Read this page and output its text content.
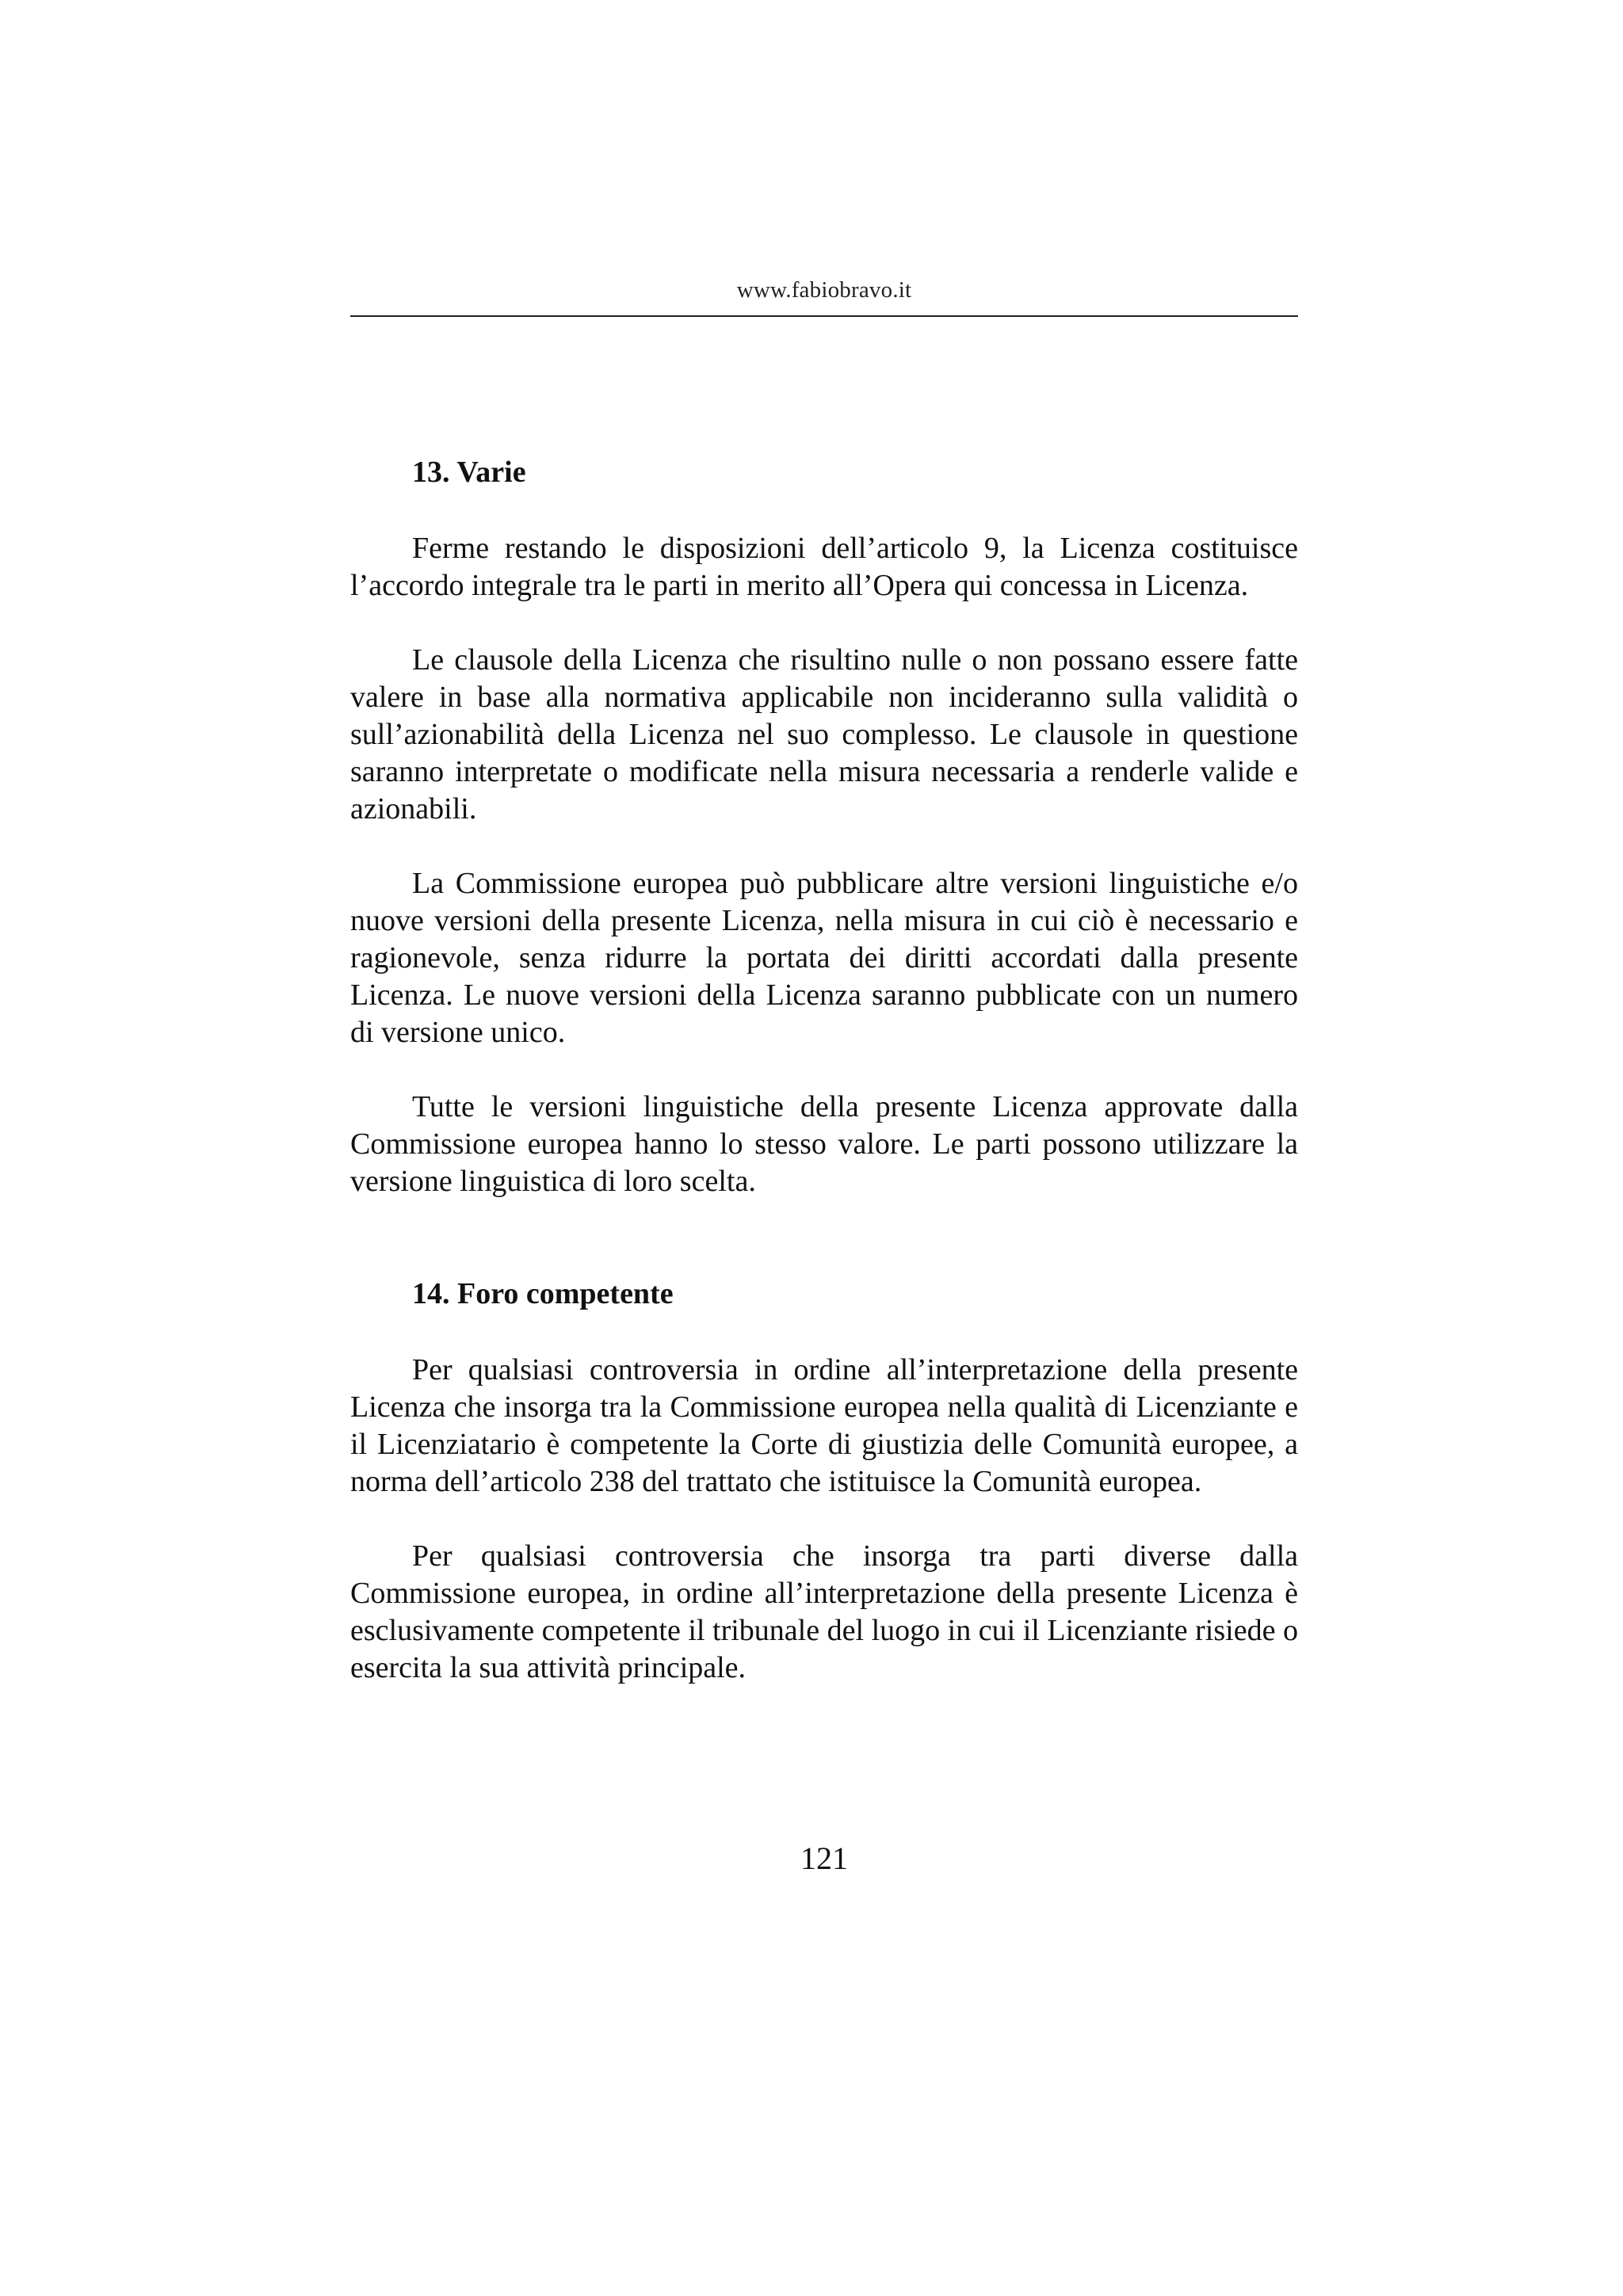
www.fabiobravo.it
13. Varie

Ferme restando le disposizioni dell’articolo 9, la Licenza costituisce l’accordo integrale tra le parti in merito all’Opera qui concessa in Licenza.

Le clausole della Licenza che risultino nulle o non possano essere fatte valere in base alla normativa applicabile non incideranno sulla validità o sull’azionabilità della Licenza nel suo complesso. Le clausole in questione saranno interpretate o modificate nella misura necessaria a renderle valide e azionabili.

La Commissione europea può pubblicare altre versioni linguistiche e/o nuove versioni della presente Licenza, nella misura in cui ciò è necessario e ragionevole, senza ridurre la portata dei diritti accordati dalla presente Licenza. Le nuove versioni della Licenza saranno pubblicate con un numero di versione unico.

Tutte le versioni linguistiche della presente Licenza approvate dalla Commissione europea hanno lo stesso valore. Le parti possono utilizzare la versione linguistica di loro scelta.

14. Foro competente

Per qualsiasi controversia in ordine all’interpretazione della presente Licenza che insorga tra la Commissione europea nella qualità di Licenziante e il Licenziatario è competente la Corte di giustizia delle Comunità europee, a norma dell’articolo 238 del trattato che istituisce la Comunità europea.

Per qualsiasi controversia che insorga tra parti diverse dalla Commissione europea, in ordine all’interpretazione della presente Licenza è esclusivamente competente il tribunale del luogo in cui il Licenziante risiede o esercita la sua attività principale.

121
